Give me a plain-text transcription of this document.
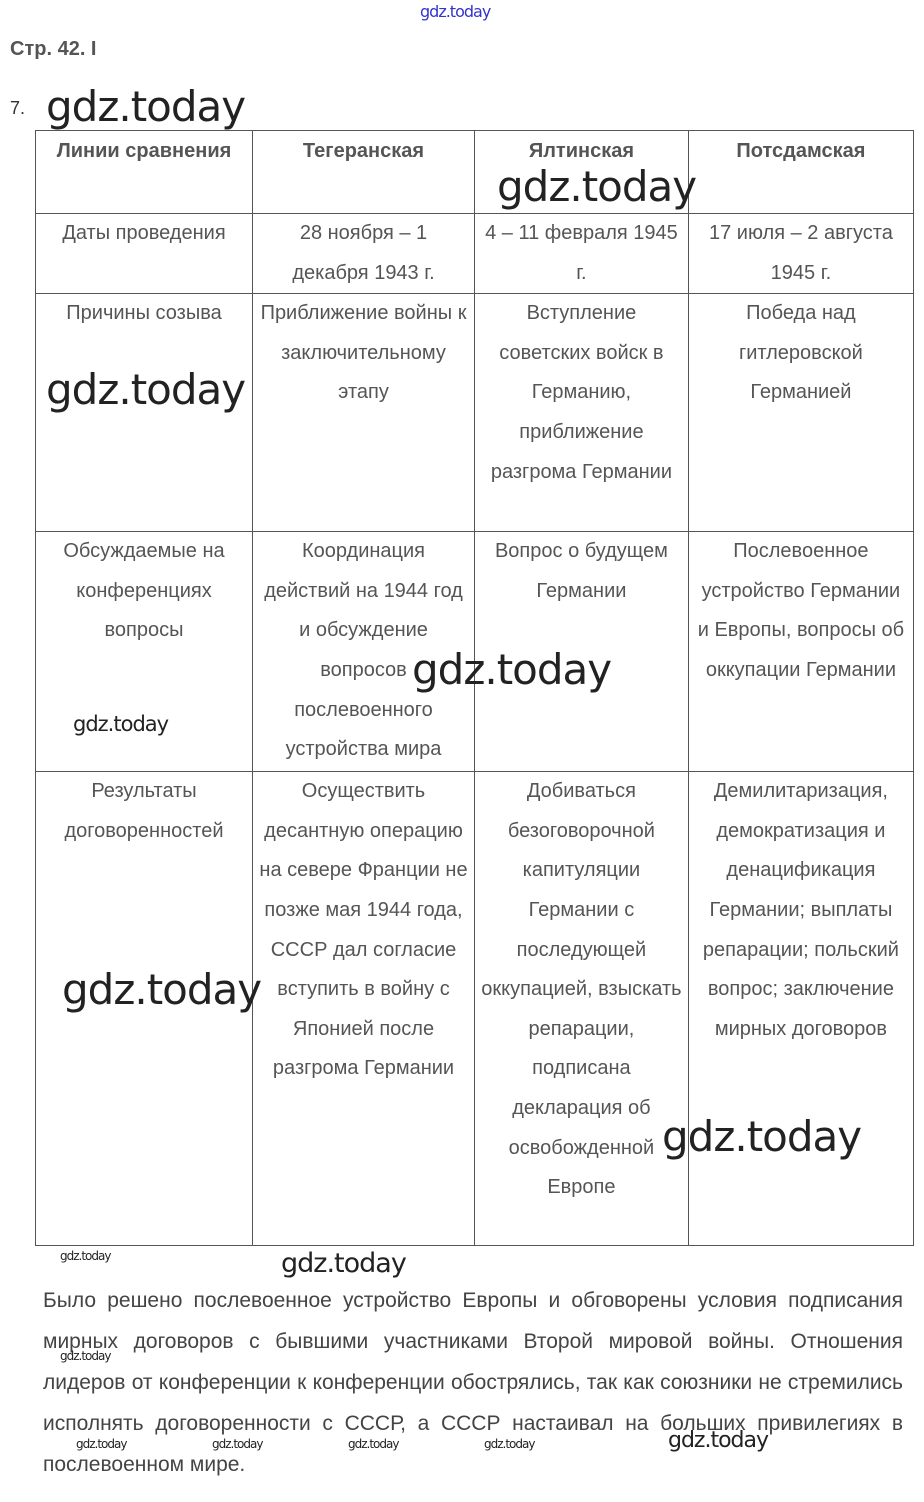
gdz.today
Стр. 42. I
7.
Линии сравнения	Тегеранская	Ялтинская	Потсдамская
Даты проведения	28 ноября – 1 декабря 1943 г.	4 – 11 февраля 1945 г.	17 июля – 2 августа 1945 г.
Причины созыва	Приближение войны к заключительному этапу	Вступление советских войск в Германию, приближение разгрома Германии	Победа над гитлеровской Германией
Обсуждаемые на конференциях вопросы	Координация действий на 1944 год и обсуждение вопросов послевоенного устройства мира	Вопрос о будущем Германии	Послевоенное устройство Германии и Европы, вопросы об оккупации Германии
Результаты договоренностей	Осуществить десантную операцию на севере Франции не позже мая 1944 года, СССР дал согласие вступить в войну с Японией после разгрома Германии	Добиваться безоговорочной капитуляции Германии с последующей оккупацией, взыскать репарации, подписана декларация об освобожденной Европе	Демилитаризация, демократизация и денацификация Германии; выплаты репарации; польский вопрос; заключение мирных договоров
Было решено послевоенное устройство Европы и обговорены условия подписания мирных договоров с бывшими участниками Второй мировой войны. Отношения лидеров от конференции к конференции обострялись, так как союзники не стремились исполнять договоренности с СССР, а СССР настаивал на больших привилегиях в послевоенном мире.
gdz.today
gdz.today
gdz.today
gdz.today
gdz.today
gdz.today
gdz.today
gdz.today	gdz.today
gdz.today
gdz.today	gdz.today	gdz.today	gdz.today	gdz.today
